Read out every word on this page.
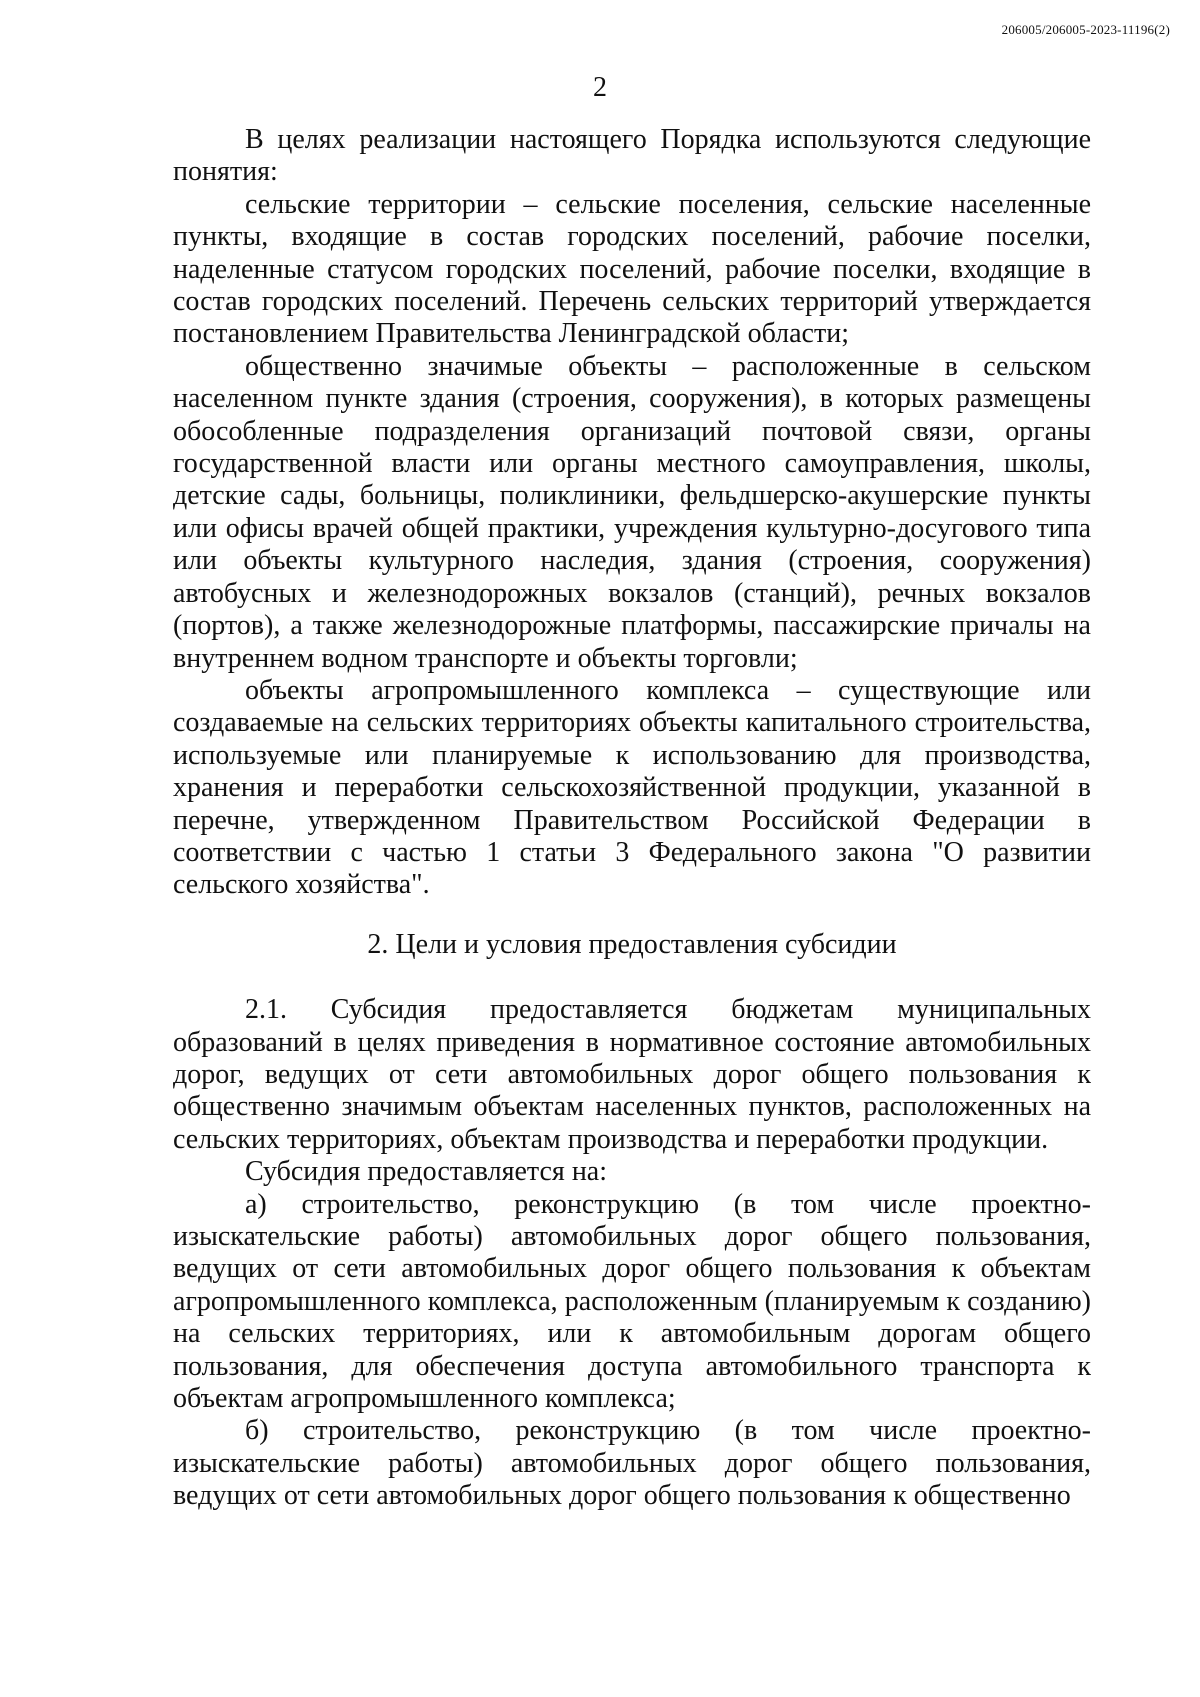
206005/206005-2023-11196(2)
2

В целях реализации настоящего Порядка используются следующие понятия:

сельские территории – сельские поселения, сельские населенные пункты, входящие в состав городских поселений, рабочие поселки, наделенные статусом городских поселений, рабочие поселки, входящие в состав городских поселений. Перечень сельских территорий утверждается постановлением Правительства Ленинградской области;

общественно значимые объекты – расположенные в сельском населенном пункте здания (строения, сооружения), в которых размещены обособленные подразделения организаций почтовой связи, органы государственной власти или органы местного самоуправления, школы, детские сады, больницы, поликлиники, фельдшерско-акушерские пункты или офисы врачей общей практики, учреждения культурно-досугового типа или объекты культурного наследия, здания (строения, сооружения) автобусных и железнодорожных вокзалов (станций), речных вокзалов (портов), а также железнодорожные платформы, пассажирские причалы на внутреннем водном транспорте и объекты торговли;

объекты агропромышленного комплекса – существующие или создаваемые на сельских территориях объекты капитального строительства, используемые или планируемые к использованию для производства, хранения и переработки сельскохозяйственной продукции, указанной в перечне, утвержденном Правительством Российской Федерации в соответствии с частью 1 статьи 3 Федерального закона "О развитии сельского хозяйства".

2. Цели и условия предоставления субсидии

2.1. Субсидия предоставляется бюджетам муниципальных образований в целях приведения в нормативное состояние автомобильных дорог, ведущих от сети автомобильных дорог общего пользования к общественно значимым объектам населенных пунктов, расположенных на сельских территориях, объектам производства и переработки продукции.

Субсидия предоставляется на:

а) строительство, реконструкцию (в том числе проектно-изыскательские работы) автомобильных дорог общего пользования, ведущих от сети автомобильных дорог общего пользования к объектам агропромышленного комплекса, расположенным (планируемым к созданию) на сельских территориях, или к автомобильным дорогам общего пользования, для обеспечения доступа автомобильного транспорта к объектам агропромышленного комплекса;

б) строительство, реконструкцию (в том числе проектно-изыскательские работы) автомобильных дорог общего пользования, ведущих от сети автомобильных дорог общего пользования к общественно
